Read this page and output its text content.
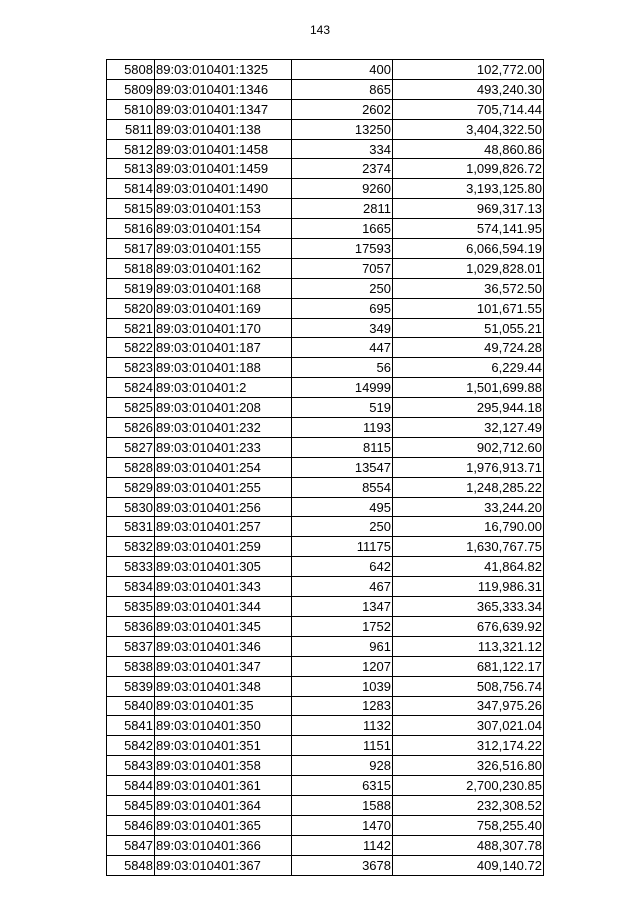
143
5808	89:03:010401:1325	400	102,772.00
5809	89:03:010401:1346	865	493,240.30
5810	89:03:010401:1347	2602	705,714.44
5811	89:03:010401:138	13250	3,404,322.50
5812	89:03:010401:1458	334	48,860.86
5813	89:03:010401:1459	2374	1,099,826.72
5814	89:03:010401:1490	9260	3,193,125.80
5815	89:03:010401:153	2811	969,317.13
5816	89:03:010401:154	1665	574,141.95
5817	89:03:010401:155	17593	6,066,594.19
5818	89:03:010401:162	7057	1,029,828.01
5819	89:03:010401:168	250	36,572.50
5820	89:03:010401:169	695	101,671.55
5821	89:03:010401:170	349	51,055.21
5822	89:03:010401:187	447	49,724.28
5823	89:03:010401:188	56	6,229.44
5824	89:03:010401:2	14999	1,501,699.88
5825	89:03:010401:208	519	295,944.18
5826	89:03:010401:232	1193	32,127.49
5827	89:03:010401:233	8115	902,712.60
5828	89:03:010401:254	13547	1,976,913.71
5829	89:03:010401:255	8554	1,248,285.22
5830	89:03:010401:256	495	33,244.20
5831	89:03:010401:257	250	16,790.00
5832	89:03:010401:259	11175	1,630,767.75
5833	89:03:010401:305	642	41,864.82
5834	89:03:010401:343	467	119,986.31
5835	89:03:010401:344	1347	365,333.34
5836	89:03:010401:345	1752	676,639.92
5837	89:03:010401:346	961	113,321.12
5838	89:03:010401:347	1207	681,122.17
5839	89:03:010401:348	1039	508,756.74
5840	89:03:010401:35	1283	347,975.26
5841	89:03:010401:350	1132	307,021.04
5842	89:03:010401:351	1151	312,174.22
5843	89:03:010401:358	928	326,516.80
5844	89:03:010401:361	6315	2,700,230.85
5845	89:03:010401:364	1588	232,308.52
5846	89:03:010401:365	1470	758,255.40
5847	89:03:010401:366	1142	488,307.78
5848	89:03:010401:367	3678	409,140.72
